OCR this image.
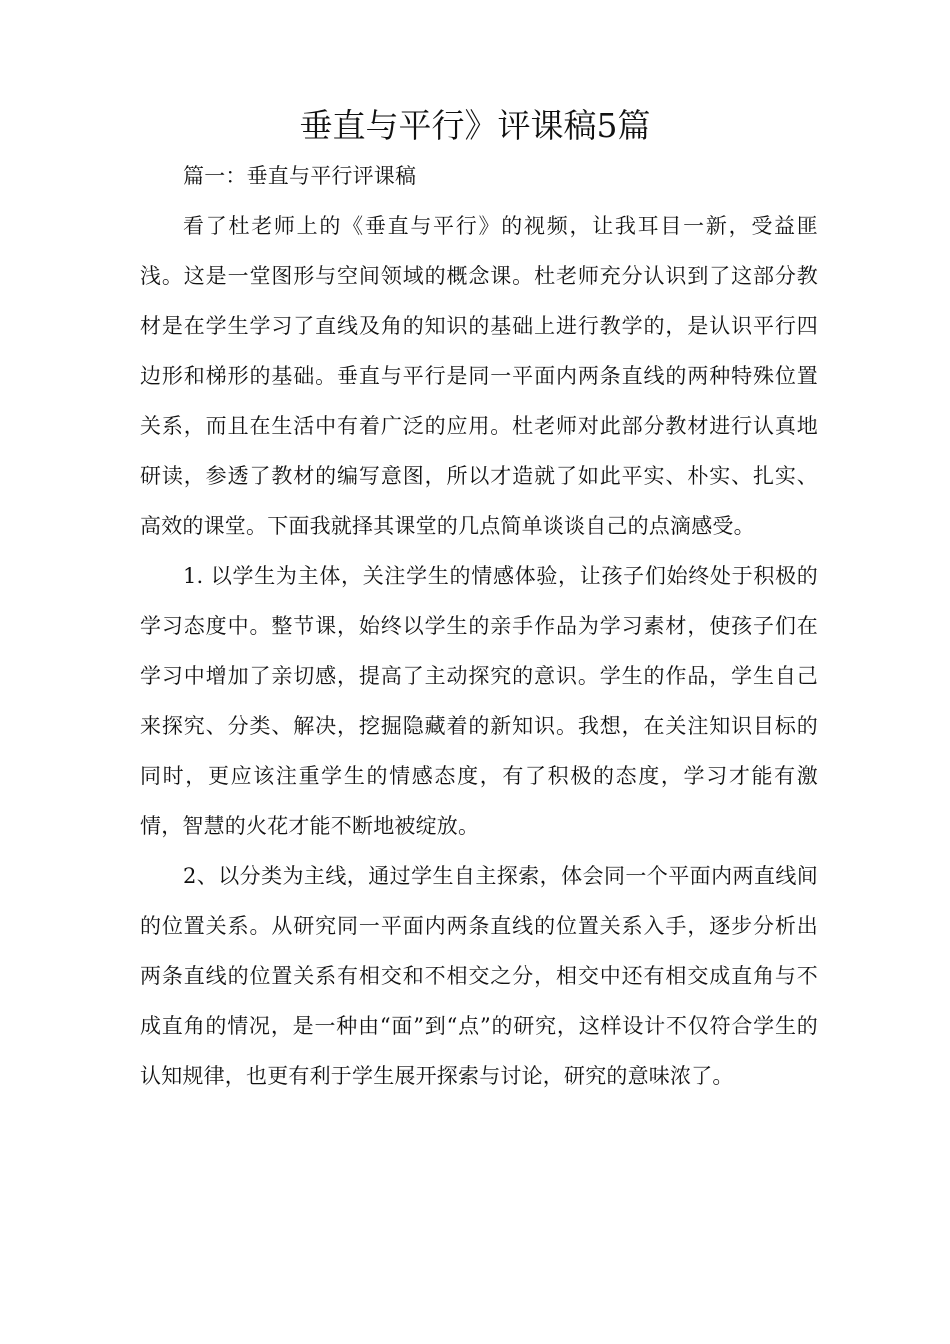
垂直与平行》评课稿5篇

篇一：垂直与平行评课稿

看了杜老师上的《垂直与平行》的视频，让我耳目一新，受益匪浅。这是一堂图形与空间领域的概念课。杜老师充分认识到了这部分教材是在学生学习了直线及角的知识的基础上进行教学的，是认识平行四边形和梯形的基础。垂直与平行是同一平面内两条直线的两种特殊位置关系，而且在生活中有着广泛的应用。杜老师对此部分教材进行认真地研读，参透了教材的编写意图，所以才造就了如此平实、朴实、扎实、高效的课堂。下面我就择其课堂的几点简单谈谈自己的点滴感受。

1. 以学生为主体，关注学生的情感体验，让孩子们始终处于积极的学习态度中。整节课，始终以学生的亲手作品为学习素材，使孩子们在学习中增加了亲切感，提高了主动探究的意识。学生的作品，学生自己来探究、分类、解决，挖掘隐藏着的新知识。我想，在关注知识目标的同时，更应该注重学生的情感态度，有了积极的态度，学习才能有激情，智慧的火花才能不断地被绽放。

2、以分类为主线，通过学生自主探索，体会同一个平面内两直线间的位置关系。从研究同一平面内两条直线的位置关系入手，逐步分析出两条直线的位置关系有相交和不相交之分，相交中还有相交成直角与不成直角的情况，是一种由“面”到“点”的研究，这样设计不仅符合学生的认知规律，也更有利于学生展开探索与讨论，研究的意味浓了。
